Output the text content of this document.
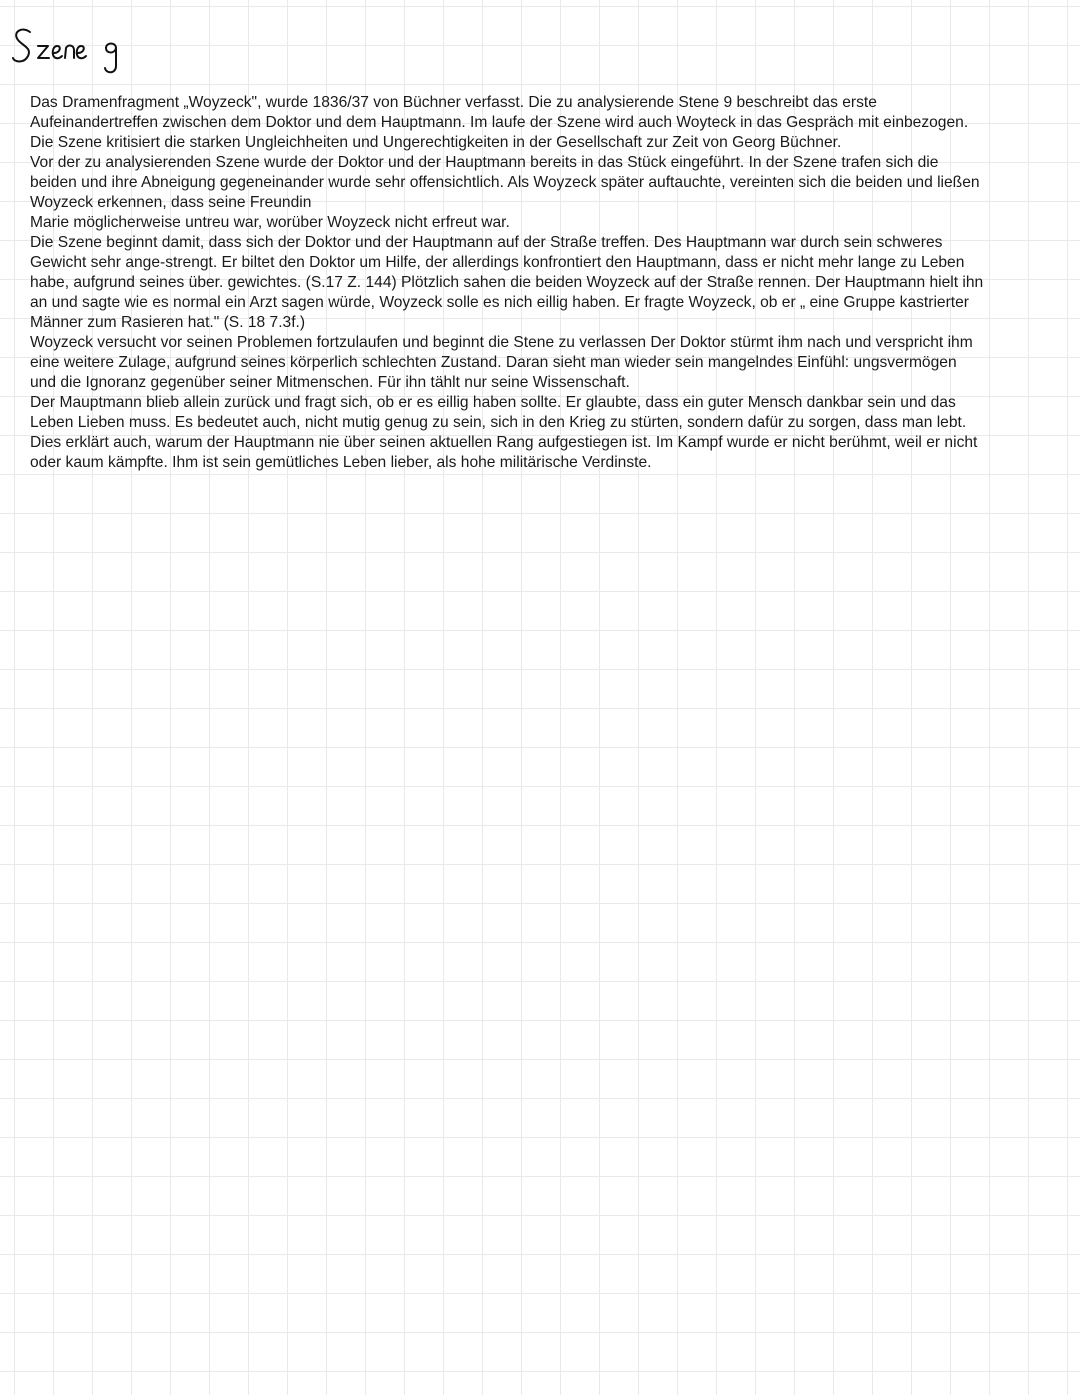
Das Dramenfragment „Woyzeck", wurde 1836/37 von Büchner verfasst. Die zu analysierende Stene 9 beschreibt das erste
Aufeinandertreffen zwischen dem Doktor und dem Hauptmann. Im laufe der Szene wird auch Woyteck in das Gespräch mit einbezogen.

Die Szene kritisiert die starken Ungleichheiten und Ungerechtigkeiten in der Gesellschaft zur Zeit von Georg Büchner.

Vor der zu analysierenden Szene wurde der Doktor und der Hauptmann bereits in das Stück eingeführt. In der Szene trafen sich die
beiden und ihre Abneigung gegeneinander wurde sehr offensichtlich. Als Woyzeck später auftauchte, vereinten sich die beiden und ließen
Woyzeck erkennen, dass seine Freundin

Marie möglicherweise untreu war, worüber Woyzeck nicht erfreut war.

Die Szene beginnt damit, dass sich der Doktor und der Hauptmann auf der Straße treffen. Des Hauptmann war durch sein schweres
Gewicht sehr ange-strengt. Er biltet den Doktor um Hilfe, der allerdings konfrontiert den Hauptmann, dass er nicht mehr lange zu Leben
habe, aufgrund seines über. gewichtes. (S.17 Z. 144) Plötzlich sahen die beiden Woyzeck auf der Straße rennen. Der Hauptmann hielt ihn
an und sagte wie es normal ein Arzt sagen würde, Woyzeck solle es nich eillig haben. Er fragte Woyzeck, ob er „ eine Gruppe kastrierter
Männer zum Rasieren hat." (S. 18 7.3f.)

Woyzeck versucht vor seinen Problemen fortzulaufen und beginnt die Stene zu verlassen Der Doktor stürmt ihm nach und verspricht ihm
eine weitere Zulage, aufgrund seines körperlich schlechten Zustand. Daran sieht man wieder sein mangelndes Einfühl: ungsvermögen
und die Ignoranz gegenüber seiner Mitmenschen. Für ihn tählt nur seine Wissenschaft.

Der Mauptmann blieb allein zurück und fragt sich, ob er es eillig haben sollte. Er glaubte, dass ein guter Mensch dankbar sein und das
Leben Lieben muss. Es bedeutet auch, nicht mutig genug zu sein, sich in den Krieg zu stürten, sondern dafür zu sorgen, dass man lebt.
Dies erklärt auch, warum der Hauptmann nie über seinen aktuellen Rang aufgestiegen ist. Im Kampf wurde er nicht berühmt, weil er nicht
oder kaum kämpfte. Ihm ist sein gemütliches Leben lieber, als hohe militärische Verdinste.
